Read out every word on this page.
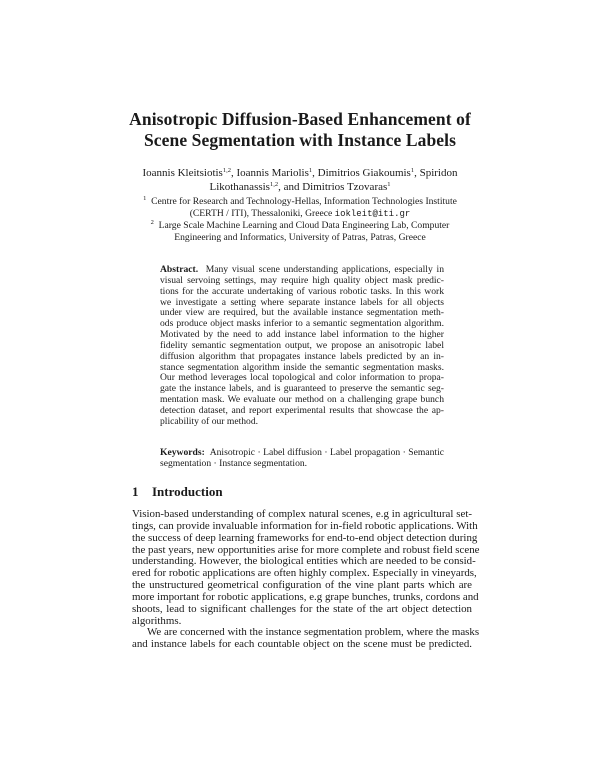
Anisotropic Diffusion-Based Enhancement of
Scene Segmentation with Instance Labels
Ioannis Kleitsiotis$^{1,2}$, Ioannis Mariolis$^1$, Dimitrios Giakoumis$^1$, Spiridon
Likothanassis$^{1,2}$, and Dimitrios Tzovaras$^1$
$^1$ Centre for Research and Technology-Hellas, Information Technologies Institute
(CERTH / ITI), Thessaloniki, Greece iokleit@iti.gr
$^2$ Large Scale Machine Learning and Cloud Data Engineering Lab, Computer
Engineering and Informatics, University of Patras, Patras, Greece
Abstract. Many visual scene understanding applications, especially in
visual servoing settings, may require high quality object mask predic-
tions for the accurate undertaking of various robotic tasks. In this work
we investigate a setting where separate instance labels for all objects
under view are required, but the available instance segmentation meth-
ods produce object masks inferior to a semantic segmentation algorithm.
Motivated by the need to add instance label information to the higher
fidelity semantic segmentation output, we propose an anisotropic label
diffusion algorithm that propagates instance labels predicted by an in-
stance segmentation algorithm inside the semantic segmentation masks.
Our method leverages local topological and color information to propa-
gate the instance labels, and is guaranteed to preserve the semantic seg-
mentation mask. We evaluate our method on a challenging grape bunch
detection dataset, and report experimental results that showcase the ap-
plicability of our method.
Keywords: Anisotropic · Label diffusion · Label propagation · Semantic
segmentation · Instance segmentation.
1 Introduction
Vision-based understanding of complex natural scenes, e.g in agricultural set-
tings, can provide invaluable information for in-field robotic applications. With
the success of deep learning frameworks for end-to-end object detection during
the past years, new opportunities arise for more complete and robust field scene
understanding. However, the biological entities which are needed to be consid-
ered for robotic applications are often highly complex. Especially in vineyards,
the unstructured geometrical configuration of the vine plant parts which are
more important for robotic applications, e.g grape bunches, trunks, cordons and
shoots, lead to significant challenges for the state of the art object detection
algorithms.
We are concerned with the instance segmentation problem, where the masks
and instance labels for each countable object on the scene must be predicted.
